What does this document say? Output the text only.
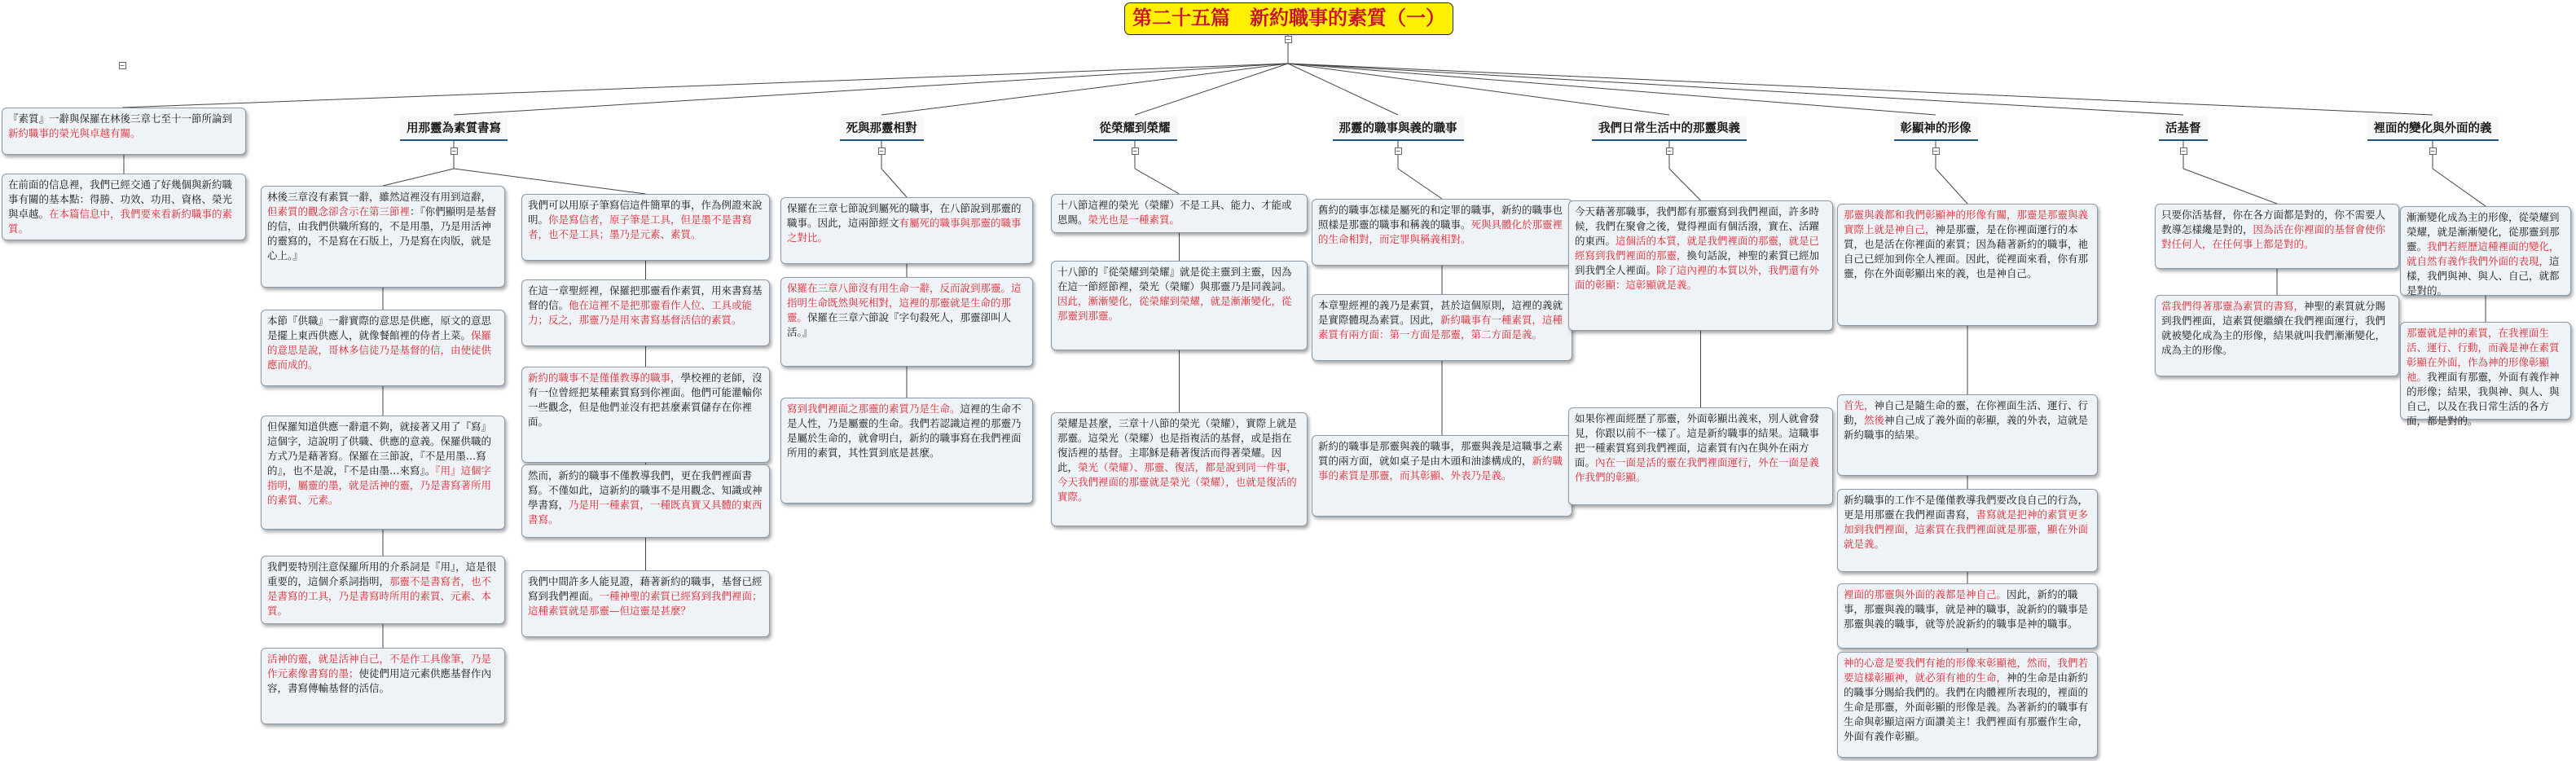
第二十五篇　新約職事的素質（一）
用那靈為素質書寫	死與那靈相對	從榮耀到榮耀	那靈的職事與義的職事	我們日常生活中的那靈與義	彰顯神的形像	活基督	裡面的變化與外面的義
『素質』一辭與保羅在林後三章七至十一節所論到新約職事的榮光與卓越有關。
在前面的信息裡，我們已經交通了好幾個與新約職事有關的基本點：得勝、功效、功用、資格、榮光與卓越。在本篇信息中，我們要來看新約職事的素質。
林後三章沒有素質一辭，雖然這裡沒有用到這辭，但素質的觀念卻含示在第三節裡：『你們顯明是基督的信，由我們供職所寫的，不是用墨，乃是用活神的靈寫的，不是寫在石版上，乃是寫在肉版，就是心上。』
本節『供職』一辭實際的意思是供應，原文的意思是擺上東西供應人，就像餐館裡的侍者上菜。保羅的意思是說，哥林多信徒乃是基督的信，由使徒供應而成的。
但保羅知道供應一辭還不夠，就接著又用了『寫』這個字，這說明了供職、供應的意義。保羅供職的方式乃是藉著寫。保羅在三節說，『不是用墨…寫的』，也不是說，『不是由墨…來寫』。『用』這個字指明，屬靈的墨，就是活神的靈，乃是書寫著所用的素質、元素。
我們要特別注意保羅所用的介系詞是『用』，這是很重要的，這個介系詞指明，那靈不是書寫者，也不是書寫的工具，乃是書寫時所用的素質、元素、本質。
活神的靈，就是活神自己，不是作工具像筆，乃是作元素像書寫的墨；使徒們用這元素供應基督作內容，書寫傳輸基督的活信。
我們可以用原子筆寫信這件簡單的事，作為例證來說明。你是寫信者，原子筆是工具，但是墨不是書寫者，也不是工具；墨乃是元素、素質。
在這一章聖經裡，保羅把那靈看作素質，用來書寫基督的信。他在這裡不是把那靈看作人位、工具或能力；反之，那靈乃是用來書寫基督活信的素質。
新約的職事不是僅僅教導的職事，學校裡的老師，沒有一位曾經把某種素質寫到你裡面。他們可能灌輸你一些觀念，但是他們並沒有把甚麼素質儲存在你裡面。
然而，新約的職事不僅教導我們，更在我們裡面書寫。不僅如此，這新約的職事不是用觀念、知識或神學書寫，乃是用一種素質，一種既真實又具體的東西書寫。
我們中間許多人能見證，藉著新約的職事，基督已經寫到我們裡面。一種神聖的素質已經寫到我們裡面；這種素質就是那靈—但這靈是甚麼？
保羅在三章七節說到屬死的職事，在八節說到那靈的職事。因此，這兩節經文有屬死的職事與那靈的職事之對比。
保羅在三章八節沒有用生命一辭，反而說到那靈。這指明生命既然與死相對，這裡的那靈就是生命的那靈。保羅在三章六節說『字句殺死人，那靈卻叫人活。』
寫到我們裡面之那靈的素質乃是生命。這裡的生命不是人性，乃是屬靈的生命。我們若認識這裡的那靈乃是屬於生命的，就會明白，新約的職事寫在我們裡面所用的素質，其性質到底是甚麼。
十八節這裡的榮光（榮耀）不是工具、能力、才能或恩賜。榮光也是一種素質。
十八節的『從榮耀到榮耀』就是從主靈到主靈，因為在這一節經節裡，榮光（榮耀）與那靈乃是同義詞。因此，漸漸變化，從榮耀到榮耀，就是漸漸變化，從那靈到那靈。
榮耀是甚麼，三章十八節的榮光（榮耀），實際上就是那靈。這榮光（榮耀）也是指複活的基督，或是指在復活裡的基督。主耶穌是藉著復活而得著榮耀。因此，榮光（榮耀）、那靈、復活，都是說到同一件事，今天我們裡面的那靈就是榮光（榮耀），也就是復活的實際。
舊約的職事怎樣是屬死的和定罪的職事，新約的職事也照樣是那靈的職事和稱義的職事。死與具體化於那靈裡的生命相對，而定罪與稱義相對。
本章聖經裡的義乃是素質，甚於這個原則，這裡的義就是實際體現為素質。因此，新約職事有一種素質，這種素質有兩方面：第一方面是那靈，第二方面是義。
新約的職事是那靈與義的職事，那靈與義是這職事之素質的兩方面，就如桌子是由木頭和油漆構成的，新約職事的素質是那靈，而其彰顯、外表乃是義。
今天藉著那職事，我們都有那靈寫到我們裡面，許多時候，我們在聚會之後，覺得裡面有個活潑，實在、活躍的東西。這個活的本質，就是我們裡面的那靈，就是已經寫到我們裡面的那靈，換句話說，神聖的素質已經加到我們全人裡面。除了這內裡的本質以外，我們還有外面的彰顯：這彰顯就是義。
如果你裡面經歷了那靈，外面彰顯出義來，別人就會發見，你跟以前不一樣了。這是新約職事的結果。這職事把一種素質寫到我們裡面，這素質有內在與外在兩方面。內在一面是活的靈在我們裡面運行，外在一面是義作我們的彰顯。
那靈與義都和我們彰顯神的形像有關，那靈是那靈與義實際上就是神自己，神是那靈，是在你裡面運行的本質，也是活在你裡面的素質；因為藉著新約的職事，祂自己已經加到你全人裡面。因此，從裡面來看，你有那靈，你在外面彰顯出來的義，也是神自己。
首先，神自己是隨生命的靈，在你裡面生活、運行、行動，然後神自己成了義外面的彰顯，義的外表，這就是新約職事的結果。
新約職事的工作不是僅僅教導我們要改良自己的行為，更是用那靈在我們裡面書寫，書寫就是把神的素質更多加到我們裡面，這素質在我們裡面就是那靈，顯在外面就是義。
裡面的那靈與外面的義都是神自己。因此，新約的職事，那靈與義的職事，就是神的職事，說新約的職事是那靈與義的職事，就等於說新約的職事是神的職事。
神的心意是要我們有祂的形像來彰顯祂，然而，我們若要這樣彰顯神，就必須有祂的生命，神的生命是由新約的職事分賜給我們的。我們在肉體裡所表現的，裡面的生命是那靈，外面彰顯的形像是義。為著新約的職事有生命與彰顯這兩方面讚美主！我們裡面有那靈作生命，外面有義作彰顯。
只要你活基督，你在各方面都是對的，你不需要人教導怎樣纔是對的，因為活在你裡面的基督會使你對任何人，在任何事上都是對的。
當我們得著那靈為素質的書寫，神聖的素質就分賜到我們裡面，這素質便繼續在我們裡面運行，我們就被變化成為主的形像，結果就叫我們漸漸變化，成為主的形像。
漸漸變化成為主的形像，從榮耀到榮耀，就是漸漸變化，從那靈到那靈。我們若經歷這種裡面的變化，就自然有義作我們外面的表現，這樣，我們與神、與人、自己，就都是對的。
那靈就是神的素質，在我裡面生活、運行、行動，而義是神在素質彰顯在外面，作為神的形像彰顯祂。我裡面有那靈，外面有義作神的形像；結果，我與神、與人、與自己，以及在我日常生活的各方面，都是對的。
−
−
−	−	−	−	−	−	−	−
